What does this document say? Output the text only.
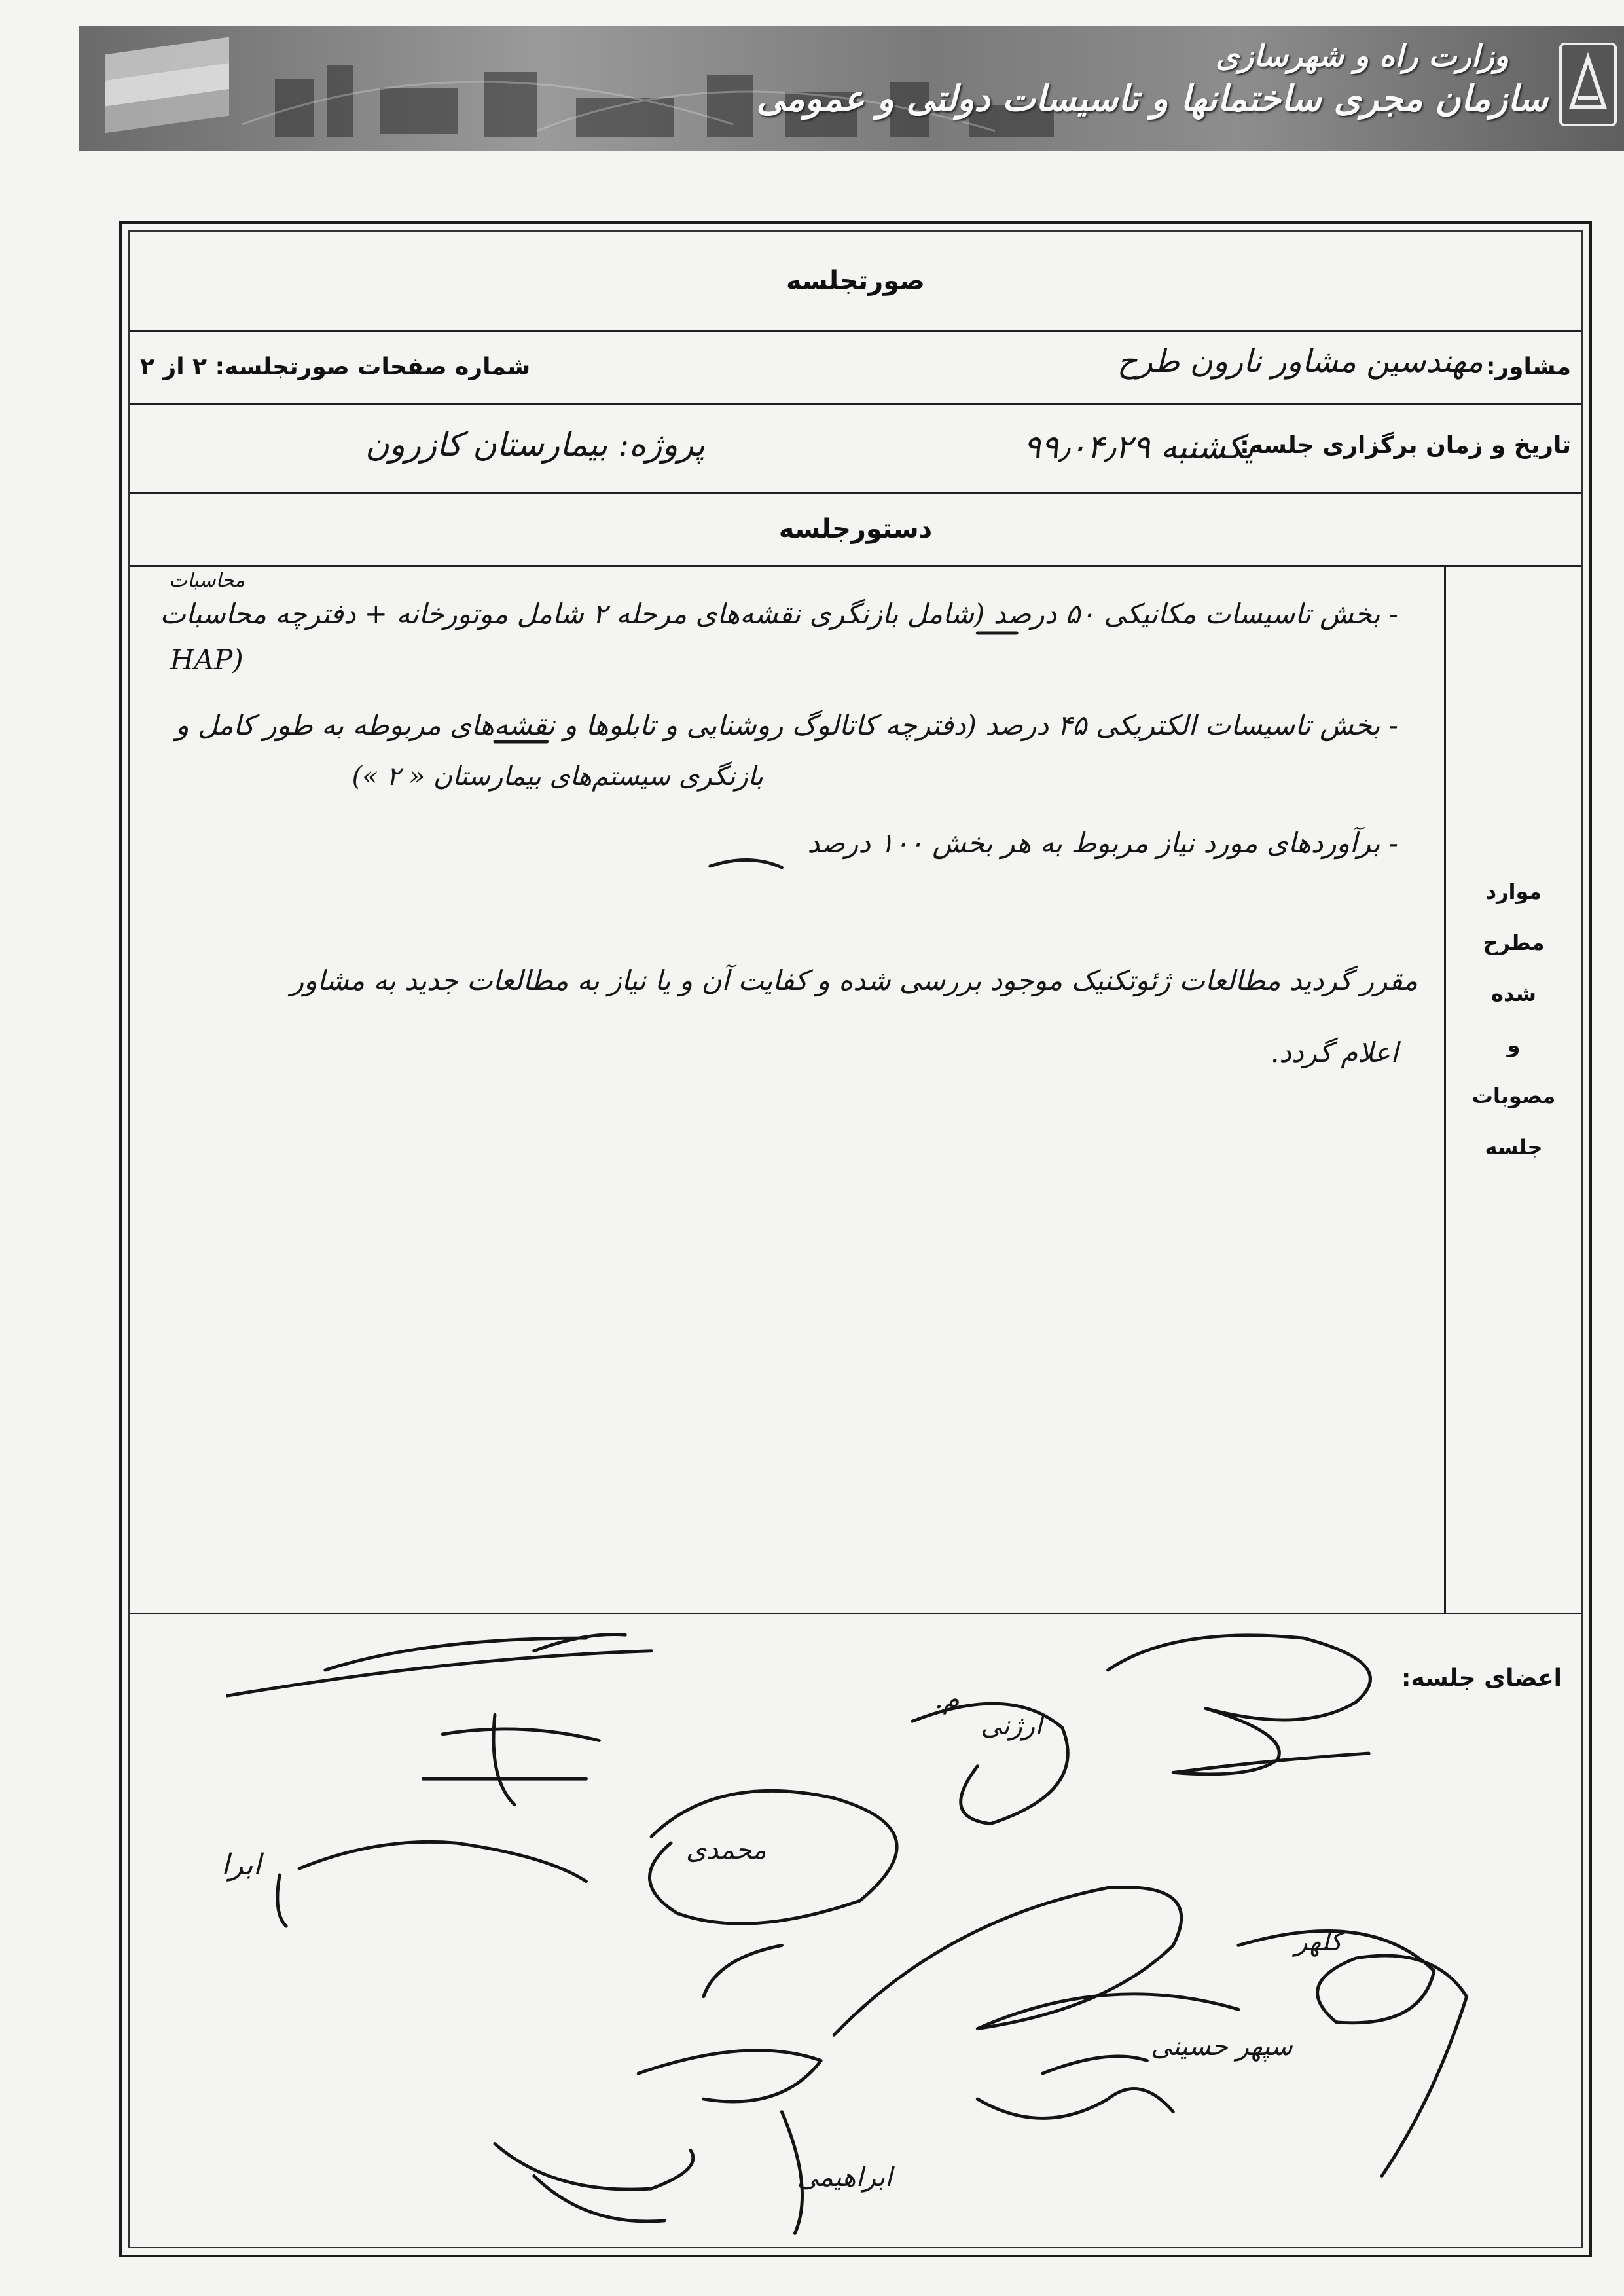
وزارت راه و شهرسازی
سازمان مجری ساختمانها و تاسیسات دولتی و عمومی
صورتجلسه
مشاور:
مهندسین مشاور نارون طرح
شماره صفحات صورتجلسه: ۲ از ۲
تاریخ و زمان برگزاری جلسه:
یکشنبه ۹۹٫۰۴٫۲۹
پروژه: بیمارستان کازرون
دستورجلسه
موارد
مطرح
شده
و
مصوبات
جلسه
محاسبات
- بخش تاسیسات مکانیکی ۵۰ درصد (شامل بازنگری نقشه‌های مرحله ۲ شامل موتورخانه + دفترچه محاسبات
HAP)
- بخش تاسیسات الکتریکی ۴۵ درصد (دفترچه کاتالوگ روشنایی و تابلوها و نقشه‌های مربوطه به طور کامل و
بازنگری سیستم‌های بیمارستان « ۲ »)
- برآوردهای مورد نیاز مربوط به هر بخش ۱۰۰ درصد
مقرر گردید مطالعات ژئوتکنیک موجود بررسی شده و کفایت آن و یا نیاز به مطالعات جدید به مشاور
اعلام گردد.
اعضای جلسه:
م.
ارژنی
ابرا	محمدی
کلهر
سپهر حسینی
ابراهیمی
